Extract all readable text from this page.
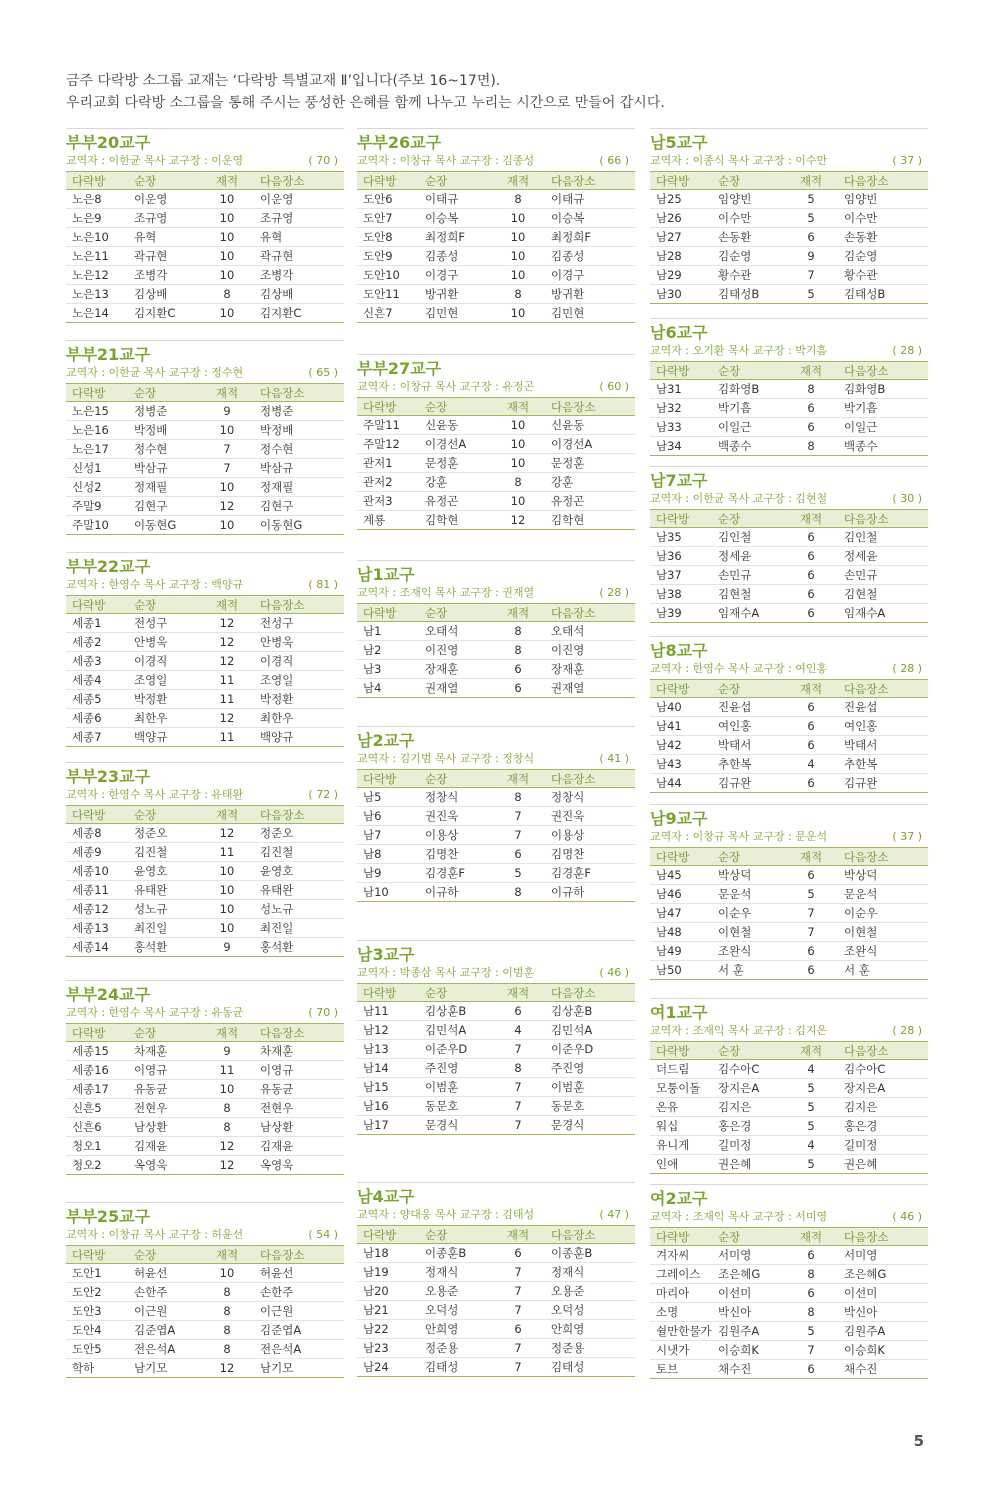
금주 다락방 소그룹 교재는 ‘다락방 특별교재 Ⅱ’입니다(주보 16~17면).
우리교회 다락방 소그룹을 통해 주시는 풍성한 은혜를 함께 나누고 누리는 시간으로 만들어 갑시다.
부부20교구
교역자 : 이한균 목사 교구장 : 이운영	( 70 )
다락방	순장	재적	다음장소
노은8	이운영	10	이운영
노은9	조규영	10	조규영
노은10	유혁	10	유혁
노은11	곽규현	10	곽규현
노은12	조병각	10	조병각
노은13	김상배	8	김상배
노은14	김지환C	10	김지환C
부부21교구
교역자 : 이한균 목사 교구장 : 정수현	( 65 )
다락방	순장	재적	다음장소
노은15	정병준	9	정병준
노은16	박정배	10	박정배
노은17	정수현	7	정수현
신성1	박삼규	7	박삼규
신성2	정재필	10	정재필
주말9	김현구	12	김현구
주말10	이동현G	10	이동현G
부부22교구
교역자 : 한영수 목사 교구장 : 백양규	( 81 )
다락방	순장	재적	다음장소
세종1	전성구	12	전성구
세종2	안병욱	12	안병욱
세종3	이경직	12	이경직
세종4	조영일	11	조영일
세종5	박정환	11	박정환
세종6	최한우	12	최한우
세종7	백양규	11	백양규
부부23교구
교역자 : 한영수 목사 교구장 : 유태완	( 72 )
다락방	순장	재적	다음장소
세종8	정준오	12	정준오
세종9	김진철	11	김진철
세종10	윤영호	10	윤영호
세종11	유태완	10	유태완
세종12	성노규	10	성노규
세종13	최진일	10	최진일
세종14	홍석환	9	홍석환
부부24교구
교역자 : 한영수 목사 교구장 : 유동균	( 70 )
다락방	순장	재적	다음장소
세종15	차재훈	9	차재훈
세종16	이영규	11	이영규
세종17	유동균	10	유동균
신흔5	전현우	8	전현우
신흔6	남상환	8	남상환
청오1	김재윤	12	김재윤
청오2	옥영욱	12	옥영욱
부부25교구
교역자 : 이창규 목사 교구장 : 허윤선	( 54 )
다락방	순장	재적	다음장소
도안1	허윤선	10	허윤선
도안2	손한주	8	손한주
도안3	이근원	8	이근원
도안4	김준엽A	8	김준엽A
도안5	전은석A	8	전은석A
학하	남기모	12	남기모
부부26교구
교역자 : 이창규 목사 교구장 : 김종성	( 66 )
다락방	순장	재적	다음장소
도안6	이태규	8	이태규
도안7	이승복	10	이승복
도안8	최정희F	10	최정희F
도안9	김종성	10	김종성
도안10	이경구	10	이경구
도안11	방귀환	8	방귀환
신흔7	김민현	10	김민현
부부27교구
교역자 : 이창규 목사 교구장 : 유정곤	( 60 )
다락방	순장	재적	다음장소
주말11	신윤동	10	신윤동
주말12	이경선A	10	이경선A
관저1	문정훈	10	문정훈
관저2	강훈	8	강훈
관저3	유정곤	10	유정곤
계룡	김학현	12	김학현
남1교구
교역자 : 조재익 목사 교구장 : 권재열	( 28 )
다락방	순장	재적	다음장소
남1	오태석	8	오태석
남2	이진영	8	이진영
남3	장재훈	6	장재훈
남4	권재열	6	권재열
남2교구
교역자 : 김기범 목사 교구장 : 정창식	( 41 )
다락방	순장	재적	다음장소
남5	정창식	8	정창식
남6	권진욱	7	권진욱
남7	이용상	7	이용상
남8	김명찬	6	김명찬
남9	김경훈F	5	김경훈F
남10	이규하	8	이규하
남3교구
교역자 : 박종삼 목사 교구장 : 이범훈	( 46 )
다락방	순장	재적	다음장소
남11	김상훈B	6	김상훈B
남12	김민석A	4	김민석A
남13	이준우D	7	이준우D
남14	주진영	8	주진영
남15	이범훈	7	이범훈
남16	동문호	7	동문호
남17	문경식	7	문경식
남4교구
교역자 : 양대웅 목사 교구장 : 김태성	( 47 )
다락방	순장	재적	다음장소
남18	이종훈B	6	이종훈B
남19	정재식	7	정재식
남20	오용준	7	오용준
남21	오덕성	7	오덕성
남22	안희영	6	안희영
남23	정준용	7	정준용
남24	김태성	7	김태성
남5교구
교역자 : 이종식 목사 교구장 : 이수만	( 37 )
다락방	순장	재적	다음장소
남25	임양빈	5	임양빈
남26	이수만	5	이수만
남27	손동환	6	손동환
남28	김순영	9	김순영
남29	황수관	7	황수관
남30	김태성B	5	김태성B
남6교구
교역자 : 오기환 목사 교구장 : 박기흠	( 28 )
다락방	순장	재적	다음장소
남31	김화영B	8	김화영B
남32	박기흠	6	박기흠
남33	이일근	6	이일근
남34	백종수	8	백종수
남7교구
교역자 : 이한균 목사 교구장 : 김현철	( 30 )
다락방	순장	재적	다음장소
남35	김인철	6	김인철
남36	정세윤	6	정세윤
남37	손민규	6	손민규
남38	김현철	6	김현철
남39	임재수A	6	임재수A
남8교구
교역자 : 한영수 목사 교구장 : 여인홍	( 28 )
다락방	순장	재적	다음장소
남40	진윤섭	6	진윤섭
남41	여인홍	6	여인홍
남42	박태서	6	박태서
남43	추한복	4	추한복
남44	김규완	6	김규완
남9교구
교역자 : 이창규 목사 교구장 : 문운석	( 37 )
다락방	순장	재적	다음장소
남45	박상덕	6	박상덕
남46	문운석	5	문운석
남47	이순우	7	이순우
남48	이현철	7	이현철
남49	조완식	6	조완식
남50	서 훈	6	서 훈
여1교구
교역자 : 조재익 목사 교구장 : 김지은	( 28 )
다락방	순장	재적	다음장소
더드림	김수아C	4	김수아C
모퉁이돌	장지은A	5	장지은A
온유	김지은	5	김지은
워십	홍은경	5	홍은경
유니게	길미정	4	길미정
인애	권은혜	5	권은혜
여2교구
교역자 : 조재익 목사 교구장 : 서미영	( 46 )
다락방	순장	재적	다음장소
겨자씨	서미영	6	서미영
그레이스	조은혜G	8	조은혜G
마리아	이선미	6	이선미
소명	박신아	8	박신아
쉴만한물가	김원주A	5	김원주A
시냇가	이승희K	7	이승희K
토브	채수진	6	채수진
5
